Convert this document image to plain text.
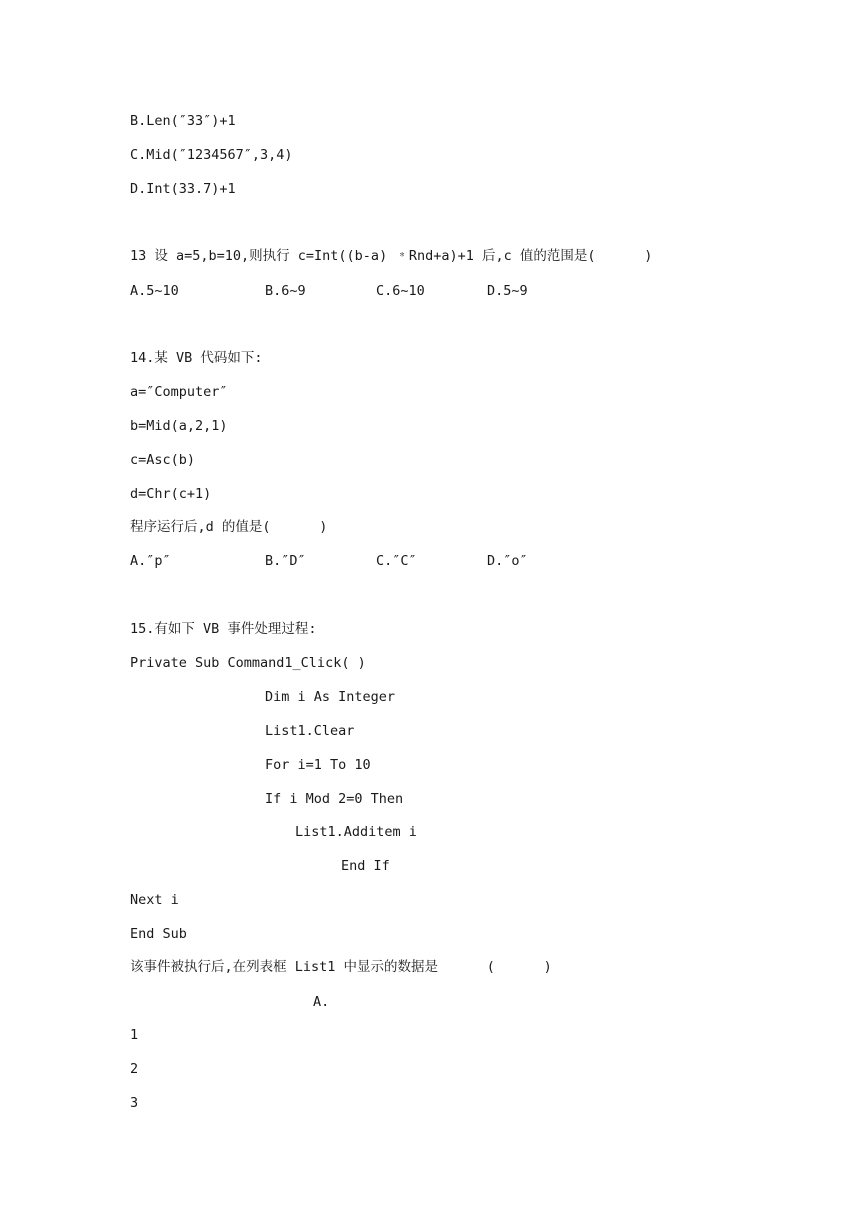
B.Len(″33″)+1
C.Mid(″1234567″,3,4)
D.Int(33.7)+1
13 设 a=5,b=10,则执行 c=Int((b-a) ﹡Rnd+a)+1 后,c 值的范围是(      )
A.5~10	B.6~9	C.6~10	D.5~9
14.某 VB 代码如下:
a=″Computer″
b=Mid(a,2,1)
c=Asc(b)
d=Chr(c+1)
程序运行后,d 的值是(      )
A.″p″	B.″D″	C.″C″	D.″o″
15.有如下 VB 事件处理过程:
Private Sub Command1_Click( )
Dim i As Integer
List1.Clear
For i=1 To 10
If i Mod 2=0 Then
List1.Additem i
End If
Next i
End Sub
该事件被执行后,在列表框 List1 中显示的数据是      (      )
A.
1
2
3
